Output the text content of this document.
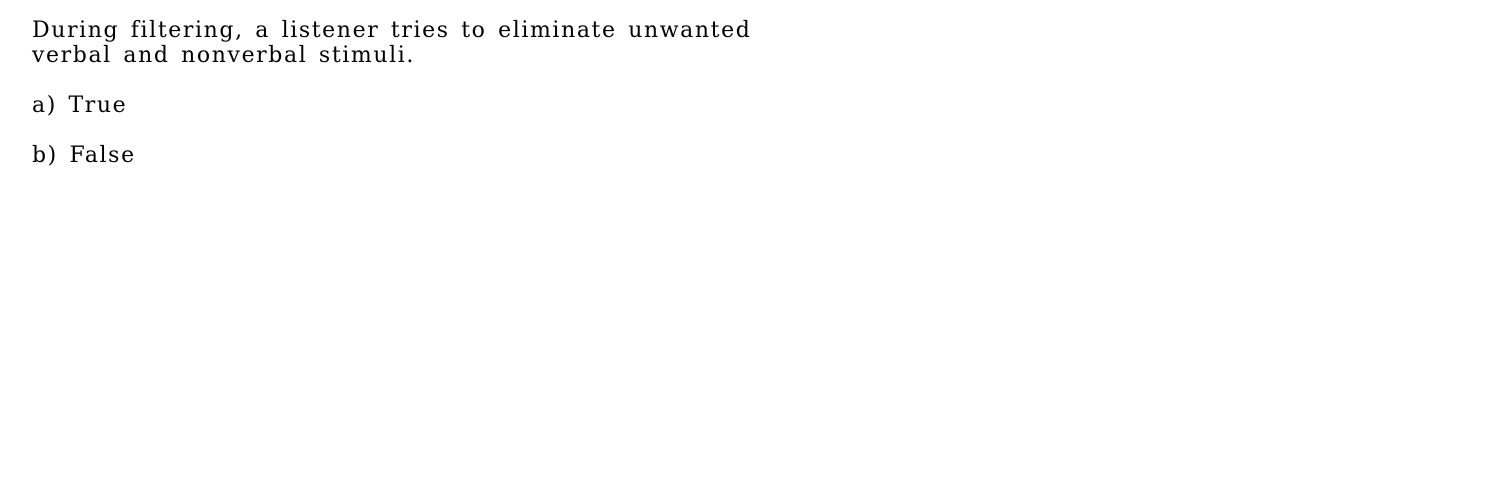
During filtering, a listener tries to eliminate unwanted
verbal and nonverbal stimuli.
a) True
b) False
